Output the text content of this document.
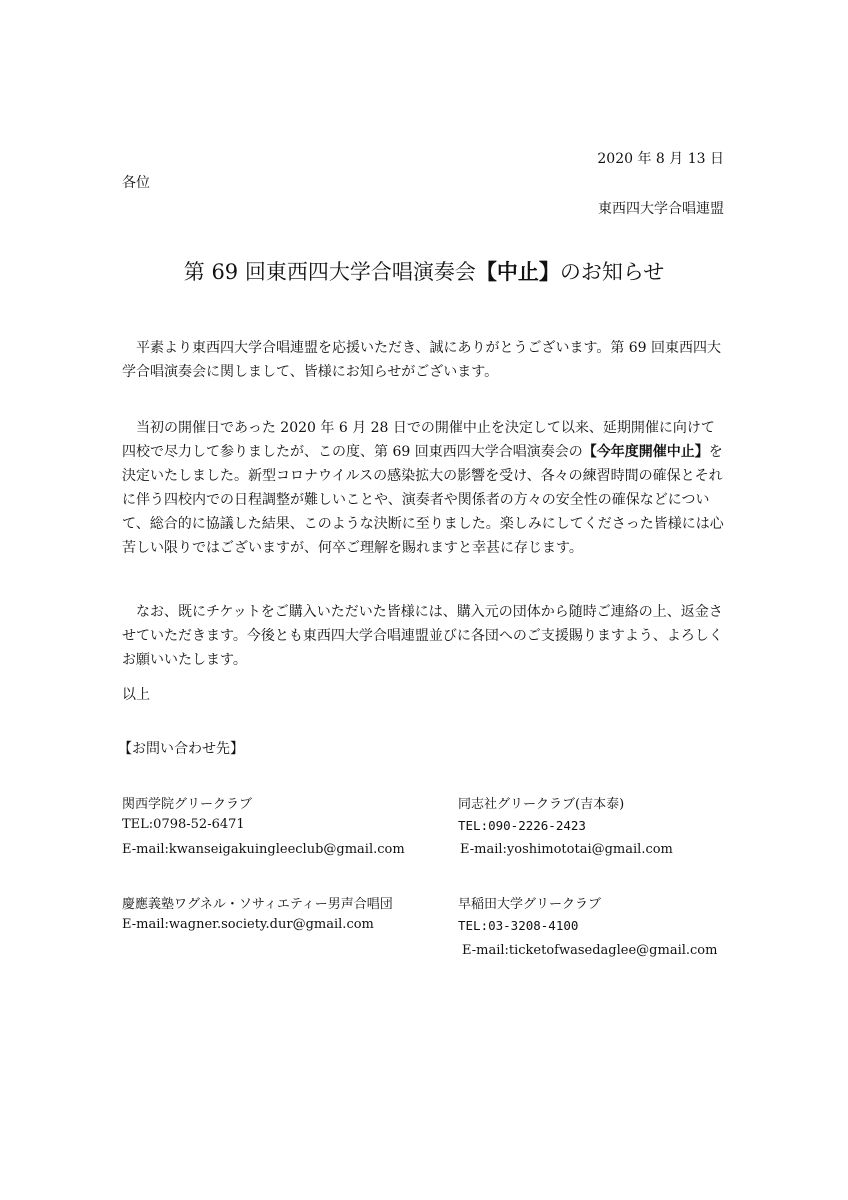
2020 年 8 月 13 日
各位
東西四大学合唱連盟
第 69 回東西四大学合唱演奏会【中止】のお知らせ

平素より東西四大学合唱連盟を応援いただき、誠にありがとうございます。第 69 回東西四大学合唱演奏会に関しまして、皆様にお知らせがございます。

当初の開催日であった 2020 年 6 月 28 日での開催中止を決定して以来、延期開催に向けて四校で尽力して参りましたが、この度、第 69 回東西四大学合唱演奏会の【今年度開催中止】を決定いたしました。新型コロナウイルスの感染拡大の影響を受け、各々の練習時間の確保とそれに伴う四校内での日程調整が難しいことや、演奏者や関係者の方々の安全性の確保などについて、総合的に協議した結果、このような決断に至りました。楽しみにしてくださった皆様には心苦しい限りではございますが、何卒ご理解を賜れますと幸甚に存じます。

なお、既にチケットをご購入いただいた皆様には、購入元の団体から随時ご連絡の上、返金させていただきます。今後とも東西四大学合唱連盟並びに各団へのご支援賜りますよう、よろしくお願いいたします。

以上
【お問い合わせ先】
関西学院グリークラブ
TEL:0798-52-6471
E-mail:kwanseigakuingleeclub@gmail.com
同志社グリークラブ(吉本泰)
TEL:090-2226-2423
E-mail:yoshimototai@gmail.com
慶應義塾ワグネル・ソサィエティー男声合唱団
E-mail:wagner.society.dur@gmail.com
早稲田大学グリークラブ
TEL:03-3208-4100
E-mail:ticketofwasedaglee@gmail.com
